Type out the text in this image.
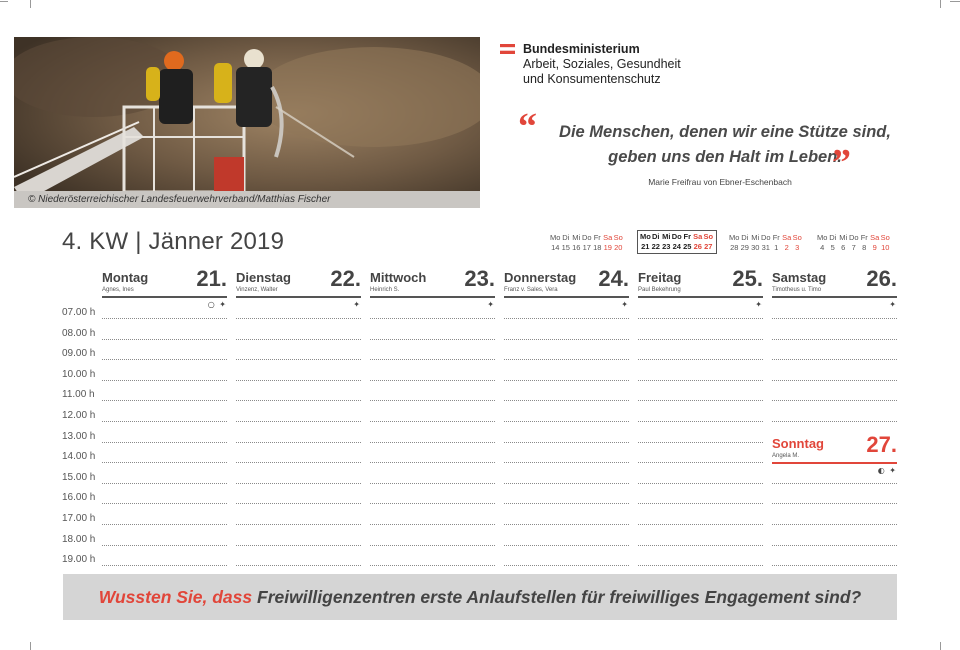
© Niederösterreichischer Landesfeuerwehrverband/Matthias Fischer
Bundesministerium
Arbeit, Soziales, Gesundheit
und Konsumentenschutz
“	Die Menschen, denen wir eine Stütze sind,
geben uns den Halt im Leben.
”
Marie Freifrau von Ebner-Eschenbach
4. KW | Jänner 2019	Mo Di Mi Do Fr Sa So
14 15 16 17 18 19 20
Mo Di Mi Do Fr Sa So
21 22 23 24 25 26 27
Mo Di Mi Do Fr Sa So
28 29 30 31 1 2 3
Mo Di Mi Do Fr Sa So
4 5 6 7 8 9 10
Montag 21.
Agnes, Ines
○ ✦
Dienstag 22.
Vinzenz, Walter
✦
Mittwoch 23.
Heinrich S.
✦
Donnerstag 24.
Franz v. Sales, Vera
✦
Freitag 25.
Paul Bekehrung
✦
Samstag 26.
Timotheus u. Timo
✦
07.00 h
08.00 h
09.00 h
10.00 h
11.00 h
12.00 h
13.00 h
14.00 h
15.00 h
16.00 h
17.00 h
18.00 h
19.00 h
Sonntag 27.
Angela M.
◐ ✦
Wussten Sie, dass Freiwilligenzentren erste Anlaufstellen für freiwilliges Engagement sind?
